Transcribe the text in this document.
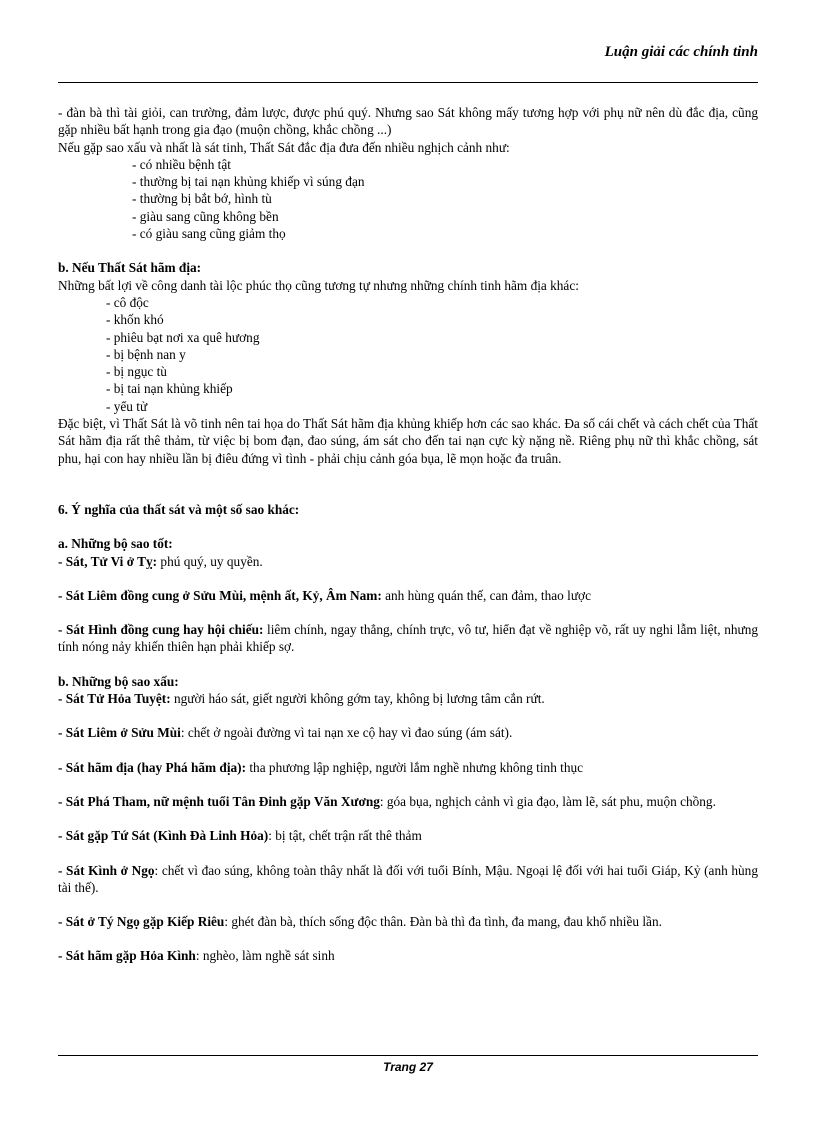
Luận giải các chính tinh

- đàn bà thì tài giỏi, can trường, đảm lược, được phú quý. Nhưng sao Sát không mấy tương hợp với phụ nữ nên dù đắc địa, cũng gặp nhiều bất hạnh trong gia đạo (muộn chồng, khắc chồng ...)

Nếu gặp sao xấu và nhất là sát tinh, Thất Sát đắc địa đưa đến nhiều nghịch cảnh như:

- có nhiều bệnh tật
- thường bị tai nạn khủng khiếp vì súng đạn
- thường bị bắt bớ, hình tù
- giàu sang cũng không bền
- có giàu sang cũng giảm thọ

b. Nếu Thất Sát hãm địa:

Những bất lợi về công danh tài lộc phúc thọ cũng tương tự nhưng những chính tinh hãm địa khác:

- cô độc
- khốn khó
- phiêu bạt nơi xa quê hương
- bị bệnh nan y
- bị ngục tù
- bị tai nạn khủng khiếp
- yểu tử

Đặc biệt, vì Thất Sát là võ tinh nên tai họa do Thất Sát hãm địa khủng khiếp hơn các sao khác. Đa số cái chết và cách chết của Thất Sát hãm địa rất thê thảm, từ việc bị bom đạn, đao súng, ám sát cho đến tai nạn cực kỳ nặng nề. Riêng phụ nữ thì khắc chồng, sát phu, hại con hay nhiều lần bị điêu đứng vì tình - phải chịu cảnh góa bụa, lẽ mọn hoặc đa truân.

6. Ý nghĩa của thất sát và một số sao khác:

a. Những bộ sao tốt:

- Sát, Tử Vi ở Tỵ: phú quý, uy quyền.

- Sát Liêm đồng cung ở Sửu Mùi, mệnh ất, Kỷ, Âm Nam: anh hùng quán thế, can đảm, thao lược

- Sát Hình đồng cung hay hội chiếu: liêm chính, ngay thẳng, chính trực, vô tư, hiển đạt về nghiệp võ, rất uy nghi lẫm liệt, nhưng tính nóng nảy khiến thiên hạn phải khiếp sợ.

b. Những bộ sao xấu:

- Sát Tử Hỏa Tuyệt: người háo sát, giết người không gớm tay, không bị lương tâm cắn rứt.

- Sát Liêm ở Sửu Mùi: chết ở ngoài đường vì tai nạn xe cộ hay vì đao súng (ám sát).

- Sát hãm địa (hay Phá hãm địa): tha phương lập nghiệp, người lắm nghề nhưng không tinh thục

- Sát Phá Tham, nữ mệnh tuổi Tân Đinh gặp Văn Xương: góa bụa, nghịch cảnh vì gia đạo, làm lẽ, sát phu, muộn chồng.

- Sát gặp Tứ Sát (Kình Đà Linh Hỏa): bị tật, chết trận rất thê thảm

- Sát Kình ở Ngọ: chết vì đao súng, không toàn thây nhất là đối với tuổi Bính, Mậu. Ngoại lệ đối với hai tuổi Giáp, Kỷ (anh hùng tài thế).

- Sát ở Tý Ngọ gặp Kiếp Riêu: ghét đàn bà, thích sống độc thân. Đàn bà thì đa tình, đa mang, đau khổ nhiều lần.

- Sát hãm gặp Hỏa Kình: nghèo, làm nghề sát sinh

Trang 27
